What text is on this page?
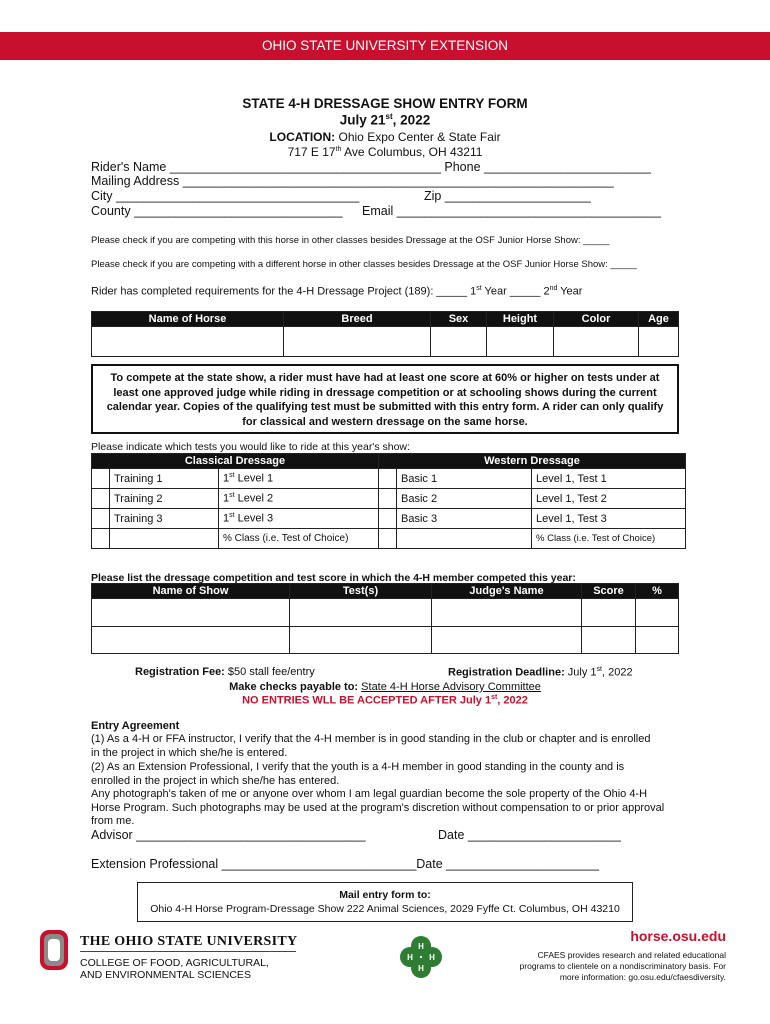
OHIO STATE UNIVERSITY EXTENSION
STATE 4-H DRESSAGE SHOW ENTRY FORM
July 21st, 2022
LOCATION: Ohio Expo Center & State Fair
717 E 17th Ave Columbus, OH 43211
Rider's Name _______________________________________ Phone ________________________
Mailing Address ______________________________________________________________
City ___________________________________	Zip _____________________
County ______________________________ Email ______________________________________
Please check if you are competing with this horse in other classes besides Dressage at the OSF Junior Horse Show: _____
Please check if you are competing with a different horse in other classes besides Dressage at the OSF Junior Horse Show: _____
Rider has completed requirements for the 4-H Dressage Project (189): _____ 1st Year _____ 2nd Year
Name of Horse	Breed	Sex	Height	Color	Age

To compete at the state show, a rider must have had at least one score at 60% or higher on tests under at least one approved judge while riding in dressage competition or at schooling shows during the current calendar year. Copies of the qualifying test must be submitted with this entry form. A rider can only qualify for classical and western dressage on the same horse.
Please indicate which tests you would like to ride at this year's show:
Classical Dressage			Western Dressage		
	Training 1	1st Level 1		Basic 1	Level 1, Test 1
	Training 2	1st Level 2		Basic 2	Level 1, Test 2
	Training 3	1st Level 3		Basic 3	Level 1, Test 3
		% Class (i.e. Test of Choice)			% Class (i.e. Test of Choice)
Please list the dressage competition and test score in which the 4-H member competed this year:
Name of Show	Test(s)	Judge's Name	Score	%

Registration Fee: $50 stall fee/entry	Registration Deadline: July 1st, 2022
Make checks payable to: State 4-H Horse Advisory Committee
NO ENTRIES WLL BE ACCEPTED AFTER July 1st, 2022
Entry Agreement
(1) As a 4-H or FFA instructor, I verify that the 4-H member is in good standing in the club or chapter and is enrolled in the project in which she/he is entered.
(2) As an Extension Professional, I verify that the youth is a 4-H member in good standing in the county and is enrolled in the project in which she/he has entered.
Any photograph's taken of me or anyone over whom I am legal guardian become the sole property of the Ohio 4-H Horse Program. Such photographs may be used at the program's discretion without compensation to or prior approval from me.
Advisor _________________________________	Date ______________________
Extension Professional ____________________________Date ______________________
Mail entry form to:
Ohio 4-H Horse Program-Dressage Show 222 Animal Sciences, 2029 Fyffe Ct. Columbus, OH 43210
THE OHIO STATE UNIVERSITY
COLLEGE OF FOOD, AGRICULTURAL,
AND ENVIRONMENTAL SCIENCES
H
H
H H
horse.osu.edu
CFAES provides research and related educational
programs to clientele on a nondiscriminatory basis. For
more information: go.osu.edu/cfaesdiversity.
